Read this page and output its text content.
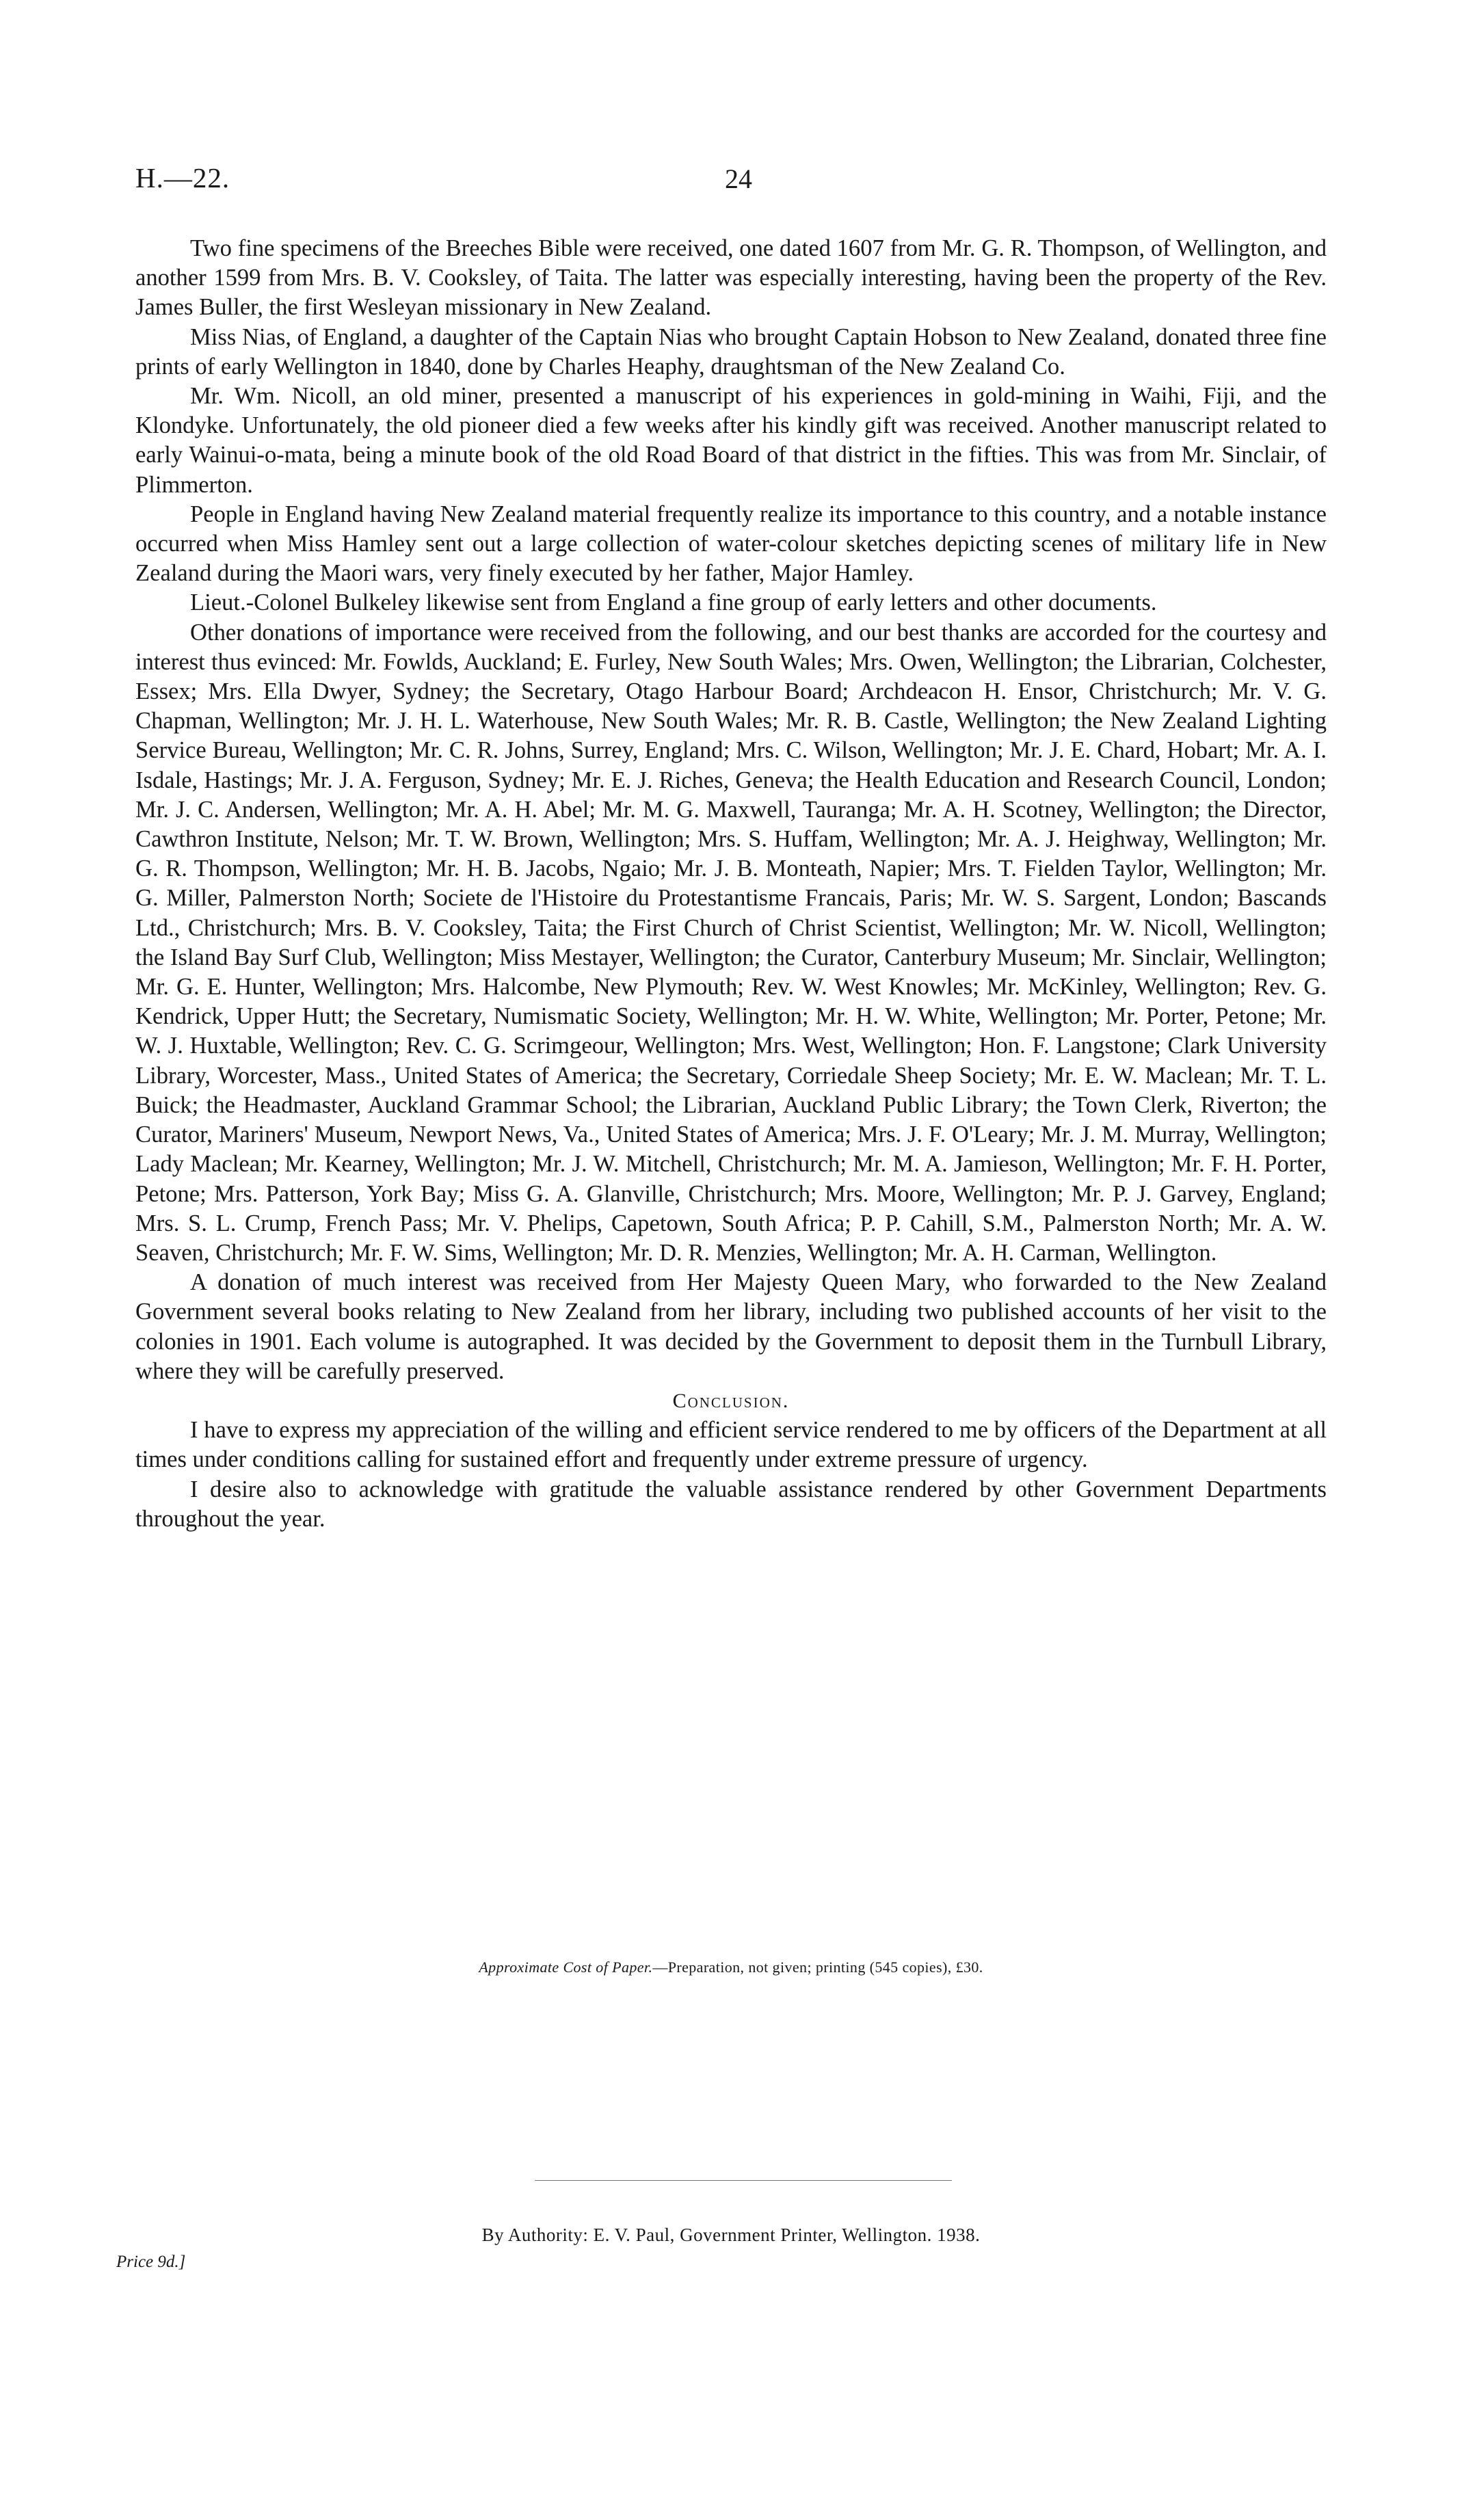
H.—22.	24

Two fine specimens of the Breeches Bible were received, one dated 1607 from Mr. G. R. Thompson, of Wellington, and another 1599 from Mrs. B. V. Cooksley, of Taita. The latter was especially interesting, having been the property of the Rev. James Buller, the first Wesleyan missionary in New Zealand.

Miss Nias, of England, a daughter of the Captain Nias who brought Captain Hobson to New Zealand, donated three fine prints of early Wellington in 1840, done by Charles Heaphy, draughtsman of the New Zealand Co.

Mr. Wm. Nicoll, an old miner, presented a manuscript of his experiences in gold-mining in Waihi, Fiji, and the Klondyke. Unfortunately, the old pioneer died a few weeks after his kindly gift was received. Another manuscript related to early Wainui-o-mata, being a minute book of the old Road Board of that district in the fifties. This was from Mr. Sinclair, of Plimmerton.

People in England having New Zealand material frequently realize its importance to this country, and a notable instance occurred when Miss Hamley sent out a large collection of water-colour sketches depicting scenes of military life in New Zealand during the Maori wars, very finely executed by her father, Major Hamley.

Lieut.-Colonel Bulkeley likewise sent from England a fine group of early letters and other documents.

Other donations of importance were received from the following, and our best thanks are accorded for the courtesy and interest thus evinced: Mr. Fowlds, Auckland; E. Furley, New South Wales; Mrs. Owen, Wellington; the Librarian, Colchester, Essex; Mrs. Ella Dwyer, Sydney; the Secretary, Otago Harbour Board; Archdeacon H. Ensor, Christchurch; Mr. V. G. Chapman, Wellington; Mr. J. H. L. Waterhouse, New South Wales; Mr. R. B. Castle, Wellington; the New Zealand Lighting Service Bureau, Wellington; Mr. C. R. Johns, Surrey, England; Mrs. C. Wilson, Wellington; Mr. J. E. Chard, Hobart; Mr. A. I. Isdale, Hastings; Mr. J. A. Ferguson, Sydney; Mr. E. J. Riches, Geneva; the Health Education and Research Council, London; Mr. J. C. Andersen, Wellington; Mr. A. H. Abel; Mr. M. G. Maxwell, Tauranga; Mr. A. H. Scotney, Wellington; the Director, Cawthron Institute, Nelson; Mr. T. W. Brown, Wellington; Mrs. S. Huffam, Wellington; Mr. A. J. Heighway, Wellington; Mr. G. R. Thompson, Wellington; Mr. H. B. Jacobs, Ngaio; Mr. J. B. Monteath, Napier; Mrs. T. Fielden Taylor, Wellington; Mr. G. Miller, Palmerston North; Societe de l'Histoire du Protestantisme Francais, Paris; Mr. W. S. Sargent, London; Bascands Ltd., Christchurch; Mrs. B. V. Cooksley, Taita; the First Church of Christ Scientist, Wellington; Mr. W. Nicoll, Wellington; the Island Bay Surf Club, Wellington; Miss Mestayer, Wellington; the Curator, Canterbury Museum; Mr. Sinclair, Wellington; Mr. G. E. Hunter, Wellington; Mrs. Halcombe, New Plymouth; Rev. W. West Knowles; Mr. McKinley, Wellington; Rev. G. Kendrick, Upper Hutt; the Secretary, Numismatic Society, Wellington; Mr. H. W. White, Wellington; Mr. Porter, Petone; Mr. W. J. Huxtable, Wellington; Rev. C. G. Scrimgeour, Wellington; Mrs. West, Wellington; Hon. F. Langstone; Clark University Library, Worcester, Mass., United States of America; the Secretary, Corriedale Sheep Society; Mr. E. W. Maclean; Mr. T. L. Buick; the Headmaster, Auckland Grammar School; the Librarian, Auckland Public Library; the Town Clerk, Riverton; the Curator, Mariners' Museum, Newport News, Va., United States of America; Mrs. J. F. O'Leary; Mr. J. M. Murray, Wellington; Lady Maclean; Mr. Kearney, Wellington; Mr. J. W. Mitchell, Christchurch; Mr. M. A. Jamieson, Wellington; Mr. F. H. Porter, Petone; Mrs. Patterson, York Bay; Miss G. A. Glanville, Christchurch; Mrs. Moore, Wellington; Mr. P. J. Garvey, England; Mrs. S. L. Crump, French Pass; Mr. V. Phelips, Capetown, South Africa; P. P. Cahill, S.M., Palmerston North; Mr. A. W. Seaven, Christchurch; Mr. F. W. Sims, Wellington; Mr. D. R. Menzies, Wellington; Mr. A. H. Carman, Wellington.

A donation of much interest was received from Her Majesty Queen Mary, who forwarded to the New Zealand Government several books relating to New Zealand from her library, including two published accounts of her visit to the colonies in 1901. Each volume is autographed. It was decided by the Government to deposit them in the Turnbull Library, where they will be carefully preserved.

Conclusion.

I have to express my appreciation of the willing and efficient service rendered to me by officers of the Department at all times under conditions calling for sustained effort and frequently under extreme pressure of urgency.

I desire also to acknowledge with gratitude the valuable assistance rendered by other Government Departments throughout the year.

Approximate Cost of Paper.—Preparation, not given; printing (545 copies), £30.
By Authority: E. V. Paul, Government Printer, Wellington. 1938.
Price 9d.]
